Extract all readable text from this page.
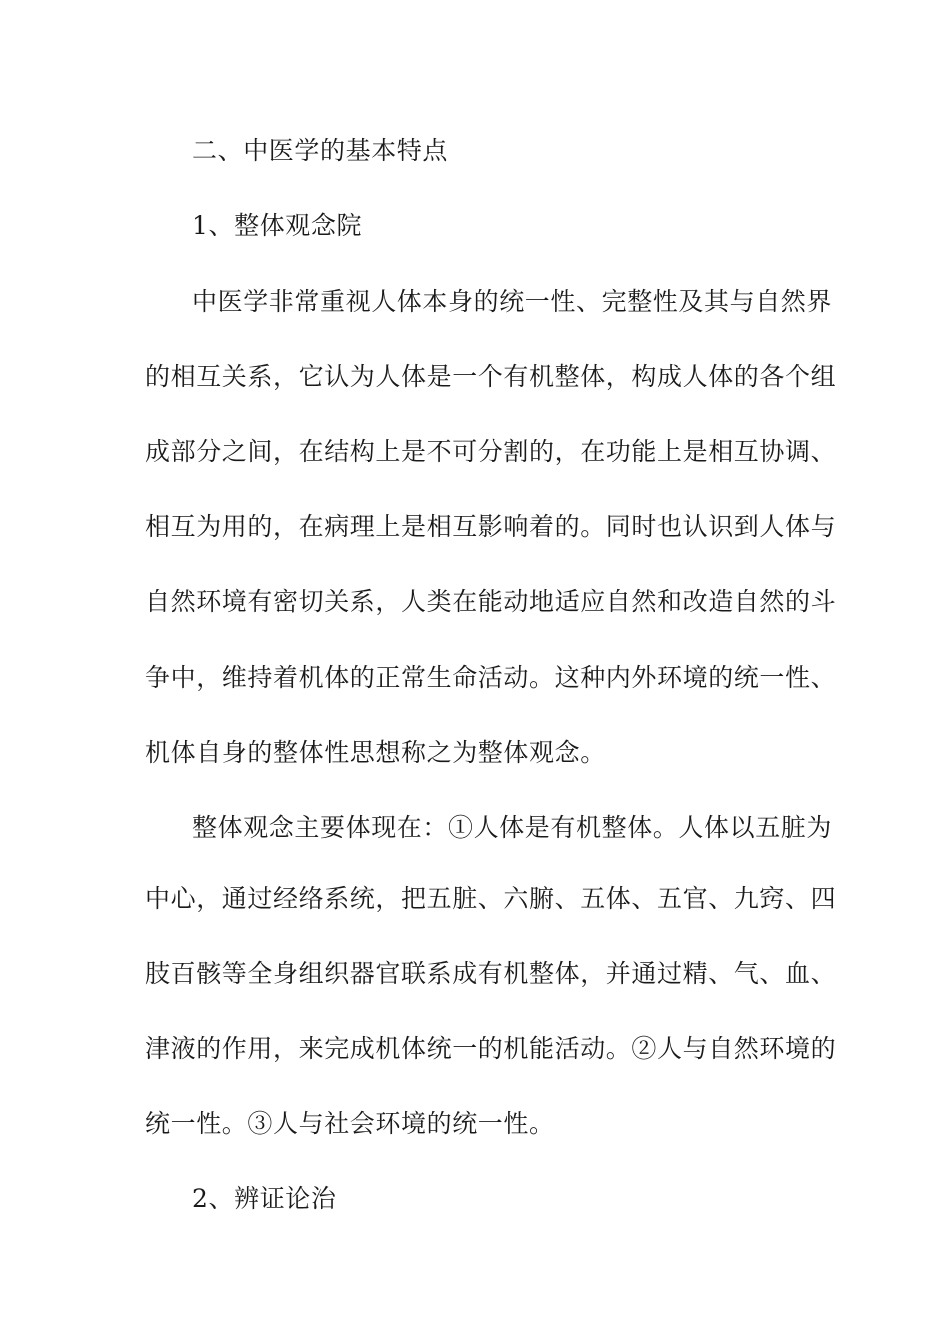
二、中医学的基本特点
1、整体观念院
中医学非常重视人体本身的统一性、完整性及其与自然界
的相互关系，它认为人体是一个有机整体，构成人体的各个组
成部分之间，在结构上是不可分割的，在功能上是相互协调、
相互为用的，在病理上是相互影响着的。同时也认识到人体与
自然环境有密切关系，人类在能动地适应自然和改造自然的斗
争中，维持着机体的正常生命活动。这种内外环境的统一性、
机体自身的整体性思想称之为整体观念。
整体观念主要体现在：①人体是有机整体。人体以五脏为
中心，通过经络系统，把五脏、六腑、五体、五官、九窍、四
肢百骸等全身组织器官联系成有机整体，并通过精、气、血、
津液的作用，来完成机体统一的机能活动。②人与自然环境的
统一性。③人与社会环境的统一性。
2、辨证论治
